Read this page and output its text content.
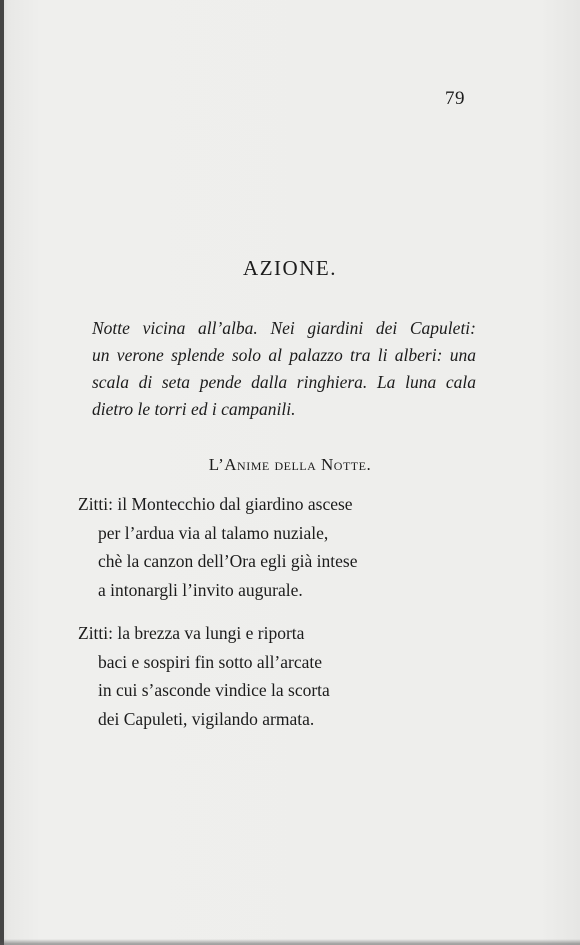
79
AZIONE.
Notte vicina all’alba. Nei giardini dei Capuleti:
un verone splende solo al palazzo tra li alberi: una
scala di seta pende dalla ringhiera. La luna cala
dietro le torri ed i campanili.
L’Anime della Notte.
Zitti: il Montecchio dal giardino ascese
per l’ardua via al talamo nuziale,
chè la canzon dell’Ora egli già intese
a intonargli l’invito augurale.
Zitti: la brezza va lungi e riporta
baci e sospiri fin sotto all’arcate
in cui s’asconde vindice la scorta
dei Capuleti, vigilando armata.
